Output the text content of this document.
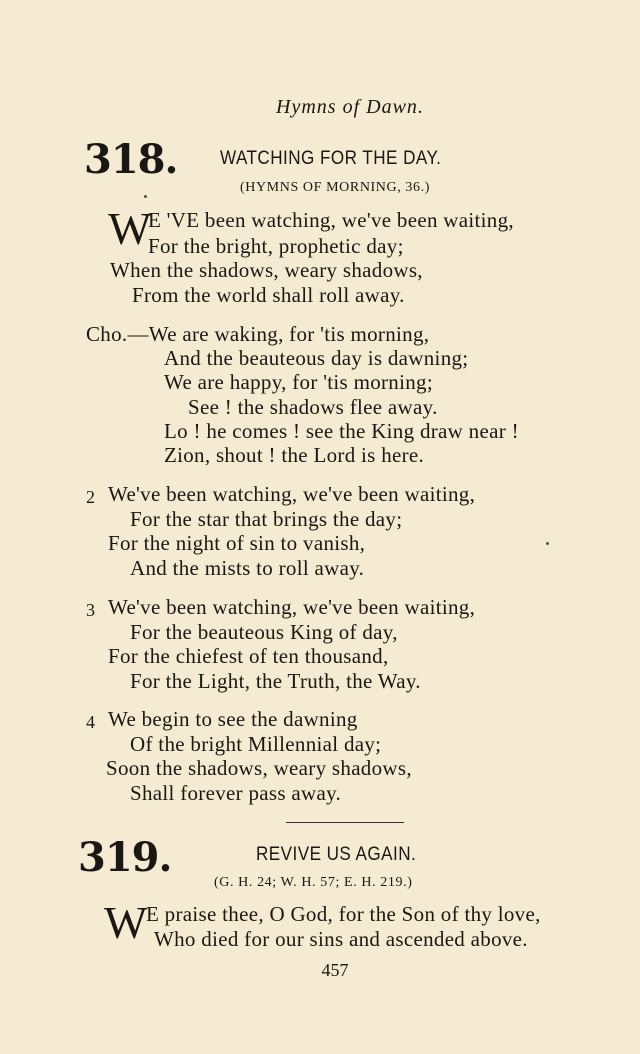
Hymns of Dawn.
318. WATCHING FOR THE DAY.
(HYMNS OF MORNING, 36.)
W
E 'VE been watching, we've been waiting,
For the bright, prophetic day;
When the shadows, weary shadows,
From the world shall roll away.
Cho.—We are waking, for 'tis morning,
And the beauteous day is dawning;
We are happy, for 'tis morning;
See ! the shadows flee away.
Lo ! he comes ! see the King draw near !
Zion, shout ! the Lord is here.
2 We've been watching, we've been waiting,
For the star that brings the day;
For the night of sin to vanish,
And the mists to roll away.
3 We've been watching, we've been waiting,
For the beauteous King of day,
For the chiefest of ten thousand,
For the Light, the Truth, the Way.
4 We begin to see the dawning
Of the bright Millennial day;
Soon the shadows, weary shadows,
Shall forever pass away.
319.	REVIVE US AGAIN.
(G. H. 24; W. H. 57; E. H. 219.)
W
E praise thee, O God, for the Son of thy love,
Who died for our sins and ascended above.
457
